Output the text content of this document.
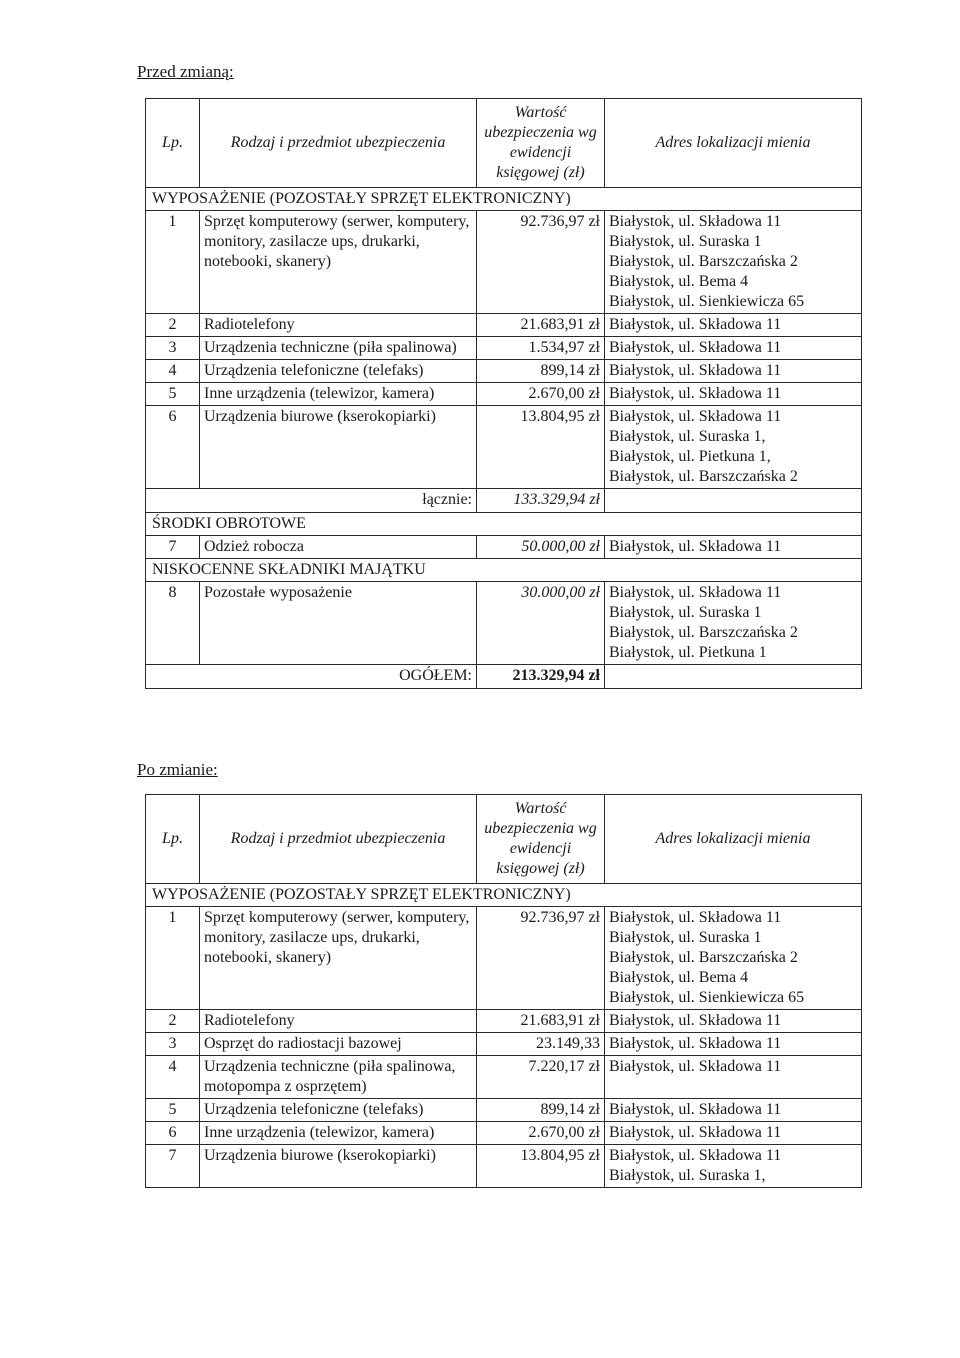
Przed zmianą:
Lp.	Rodzaj i przedmiot ubezpieczenia	Wartość ubezpieczenia wg ewidencji księgowej (zł)	Adres lokalizacji mienia
WYPOSAŻENIE (POZOSTAŁY SPRZĘT ELEKTRONICZNY)			
1	Sprzęt komputerowy (serwer, komputery, monitory, zasilacze ups, drukarki, notebooki, skanery)	92.736,97 zł	Białystok, ul. Składowa 11
Białystok, ul. Suraska 1
Białystok, ul. Barszczańska 2
Białystok, ul. Bema 4
Białystok, ul. Sienkiewicza 65

2	Radiotelefony	21.683,91 zł	Białystok, ul. Składowa 11

3	Urządzenia techniczne (piła spalinowa)	1.534,97 zł	Białystok, ul. Składowa 11

4	Urządzenia telefoniczne (telefaks)	899,14 zł	Białystok, ul. Składowa 11

5	Inne urządzenia (telewizor, kamera)	2.670,00 zł	Białystok, ul. Składowa 11

6	Urządzenia biurowe (kserokopiarki)	13.804,95 zł	Białystok, ul. Składowa 11
Białystok, ul. Suraska 1,
Białystok, ul. Pietkuna 1,
Białystok, ul. Barszczańska 2

łącznie:		133.329,94 zł	
ŚRODKI OBROTOWE			
7	Odzież robocza	50.000,00 zł	Białystok, ul. Składowa 11

NISKOCENNE SKŁADNIKI MAJĄTKU			
8	Pozostałe wyposażenie	30.000,00 zł	Białystok, ul. Składowa 11
Białystok, ul. Suraska 1
Białystok, ul. Barszczańska 2
Białystok, ul. Pietkuna 1

OGÓŁEM:		213.329,94 zł	
Po zmianie:
Lp.	Rodzaj i przedmiot ubezpieczenia	Wartość ubezpieczenia wg ewidencji księgowej (zł)	Adres lokalizacji mienia
WYPOSAŻENIE (POZOSTAŁY SPRZĘT ELEKTRONICZNY)			
1	Sprzęt komputerowy (serwer, komputery, monitory, zasilacze ups, drukarki, notebooki, skanery)	92.736,97 zł	Białystok, ul. Składowa 11
Białystok, ul. Suraska 1
Białystok, ul. Barszczańska 2
Białystok, ul. Bema 4
Białystok, ul. Sienkiewicza 65

2	Radiotelefony	21.683,91 zł	Białystok, ul. Składowa 11

3	Osprzęt do radiostacji bazowej	23.149,33	Białystok, ul. Składowa 11

4	Urządzenia techniczne (piła spalinowa, motopompa z osprzętem)	7.220,17 zł	Białystok, ul. Składowa 11

5	Urządzenia telefoniczne (telefaks)	899,14 zł	Białystok, ul. Składowa 11

6	Inne urządzenia (telewizor, kamera)	2.670,00 zł	Białystok, ul. Składowa 11

7	Urządzenia biurowe (kserokopiarki)	13.804,95 zł	Białystok, ul. Składowa 11
Białystok, ul. Suraska 1,
